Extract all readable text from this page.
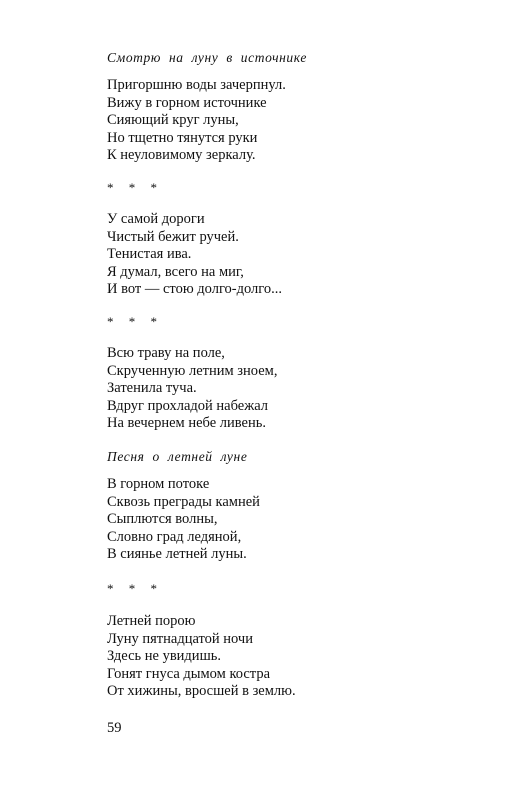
Смотрю на луну в источнике
Пригоршню воды зачерпнул.
Вижу в горном источнике
Сияющий круг луны,
Но тщетно тянутся руки
К неуловимому зеркалу.
* * *
У самой дороги
Чистый бежит ручей.
Тенистая ива.
Я думал, всего на миг,
И вот — стою долго-долго...
* * *
Всю траву на поле,
Скрученную летним зноем,
Затенила туча.
Вдруг прохладой набежал
На вечернем небе ливень.
Песня о летней луне
В горном потоке
Сквозь преграды камней
Сыплются волны,
Словно град ледяной,
В сиянье летней луны.
* * *
Летней порою
Луну пятнадцатой ночи
Здесь не увидишь.
Гонят гнуса дымом костра
От хижины, вросшей в землю.
59
